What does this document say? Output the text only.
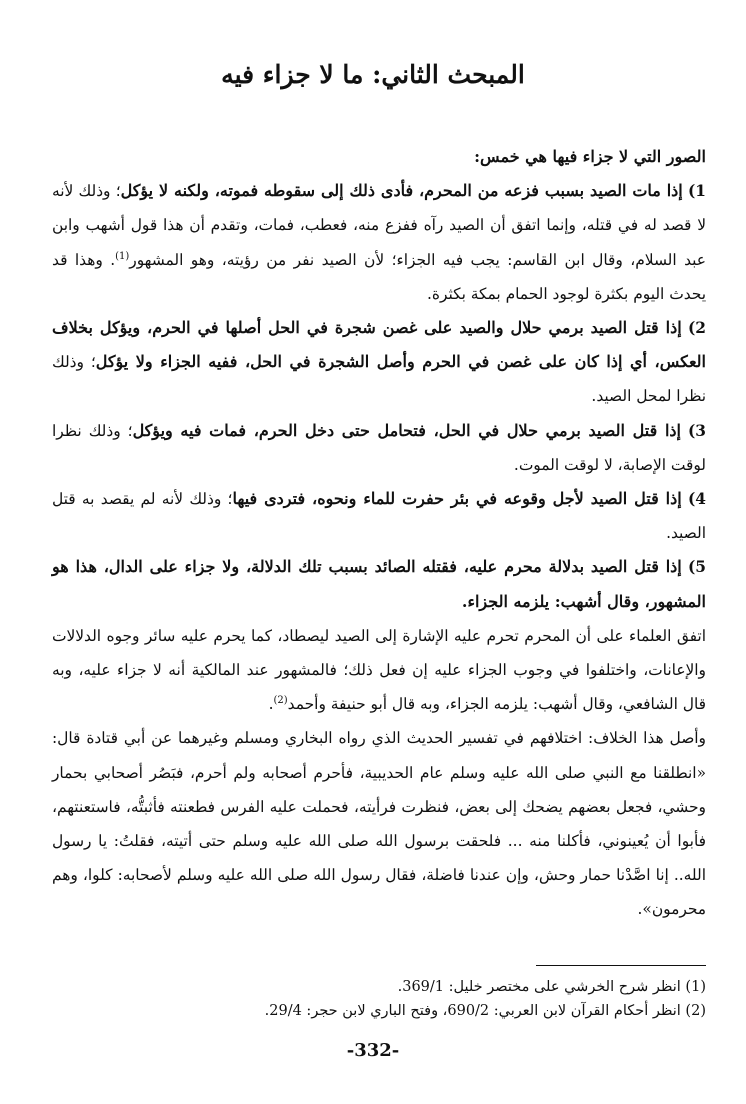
المبحث الثاني: ما لا جزاء فيه

الصور التي لا جزاء فيها هي خمس:

1) إذا مات الصيد بسبب فزعه من المحرم، فأدى ذلك إلى سقوطه فموته، ولكنه لا يؤكل؛ وذلك لأنه لا قصد له في قتله، وإنما اتفق أن الصيد رآه ففزع منه، فعطب، فمات، وتقدم أن هذا قول أشهب وابن عبد السلام، وقال ابن القاسم: يجب فيه الجزاء؛ لأن الصيد نفر من رؤيته، وهو المشهور$^{(1)}$. وهذا قد يحدث اليوم بكثرة لوجود الحمام بمكة بكثرة.

2) إذا قتل الصيد برمي حلال والصيد على غصن شجرة في الحل أصلها في الحرم، ويؤكل بخلاف العكس، أي إذا كان على غصن في الحرم وأصل الشجرة في الحل، ففيه الجزاء ولا يؤكل؛ وذلك نظرا لمحل الصيد.

3) إذا قتل الصيد برمي حلال في الحل، فتحامل حتى دخل الحرم، فمات فيه ويؤكل؛ وذلك نظرا لوقت الإصابة، لا لوقت الموت.

4) إذا قتل الصيد لأجل وقوعه في بئر حفرت للماء ونحوه، فتردى فيها؛ وذلك لأنه لم يقصد به قتل الصيد.

5) إذا قتل الصيد بدلالة محرم عليه، فقتله الصائد بسبب تلك الدلالة، ولا جزاء على الدال، هذا هو المشهور، وقال أشهب: يلزمه الجزاء.

اتفق العلماء على أن المحرم تحرم عليه الإشارة إلى الصيد ليصطاد، كما يحرم عليه سائر وجوه الدلالات والإعانات، واختلفوا في وجوب الجزاء عليه إن فعل ذلك؛ فالمشهور عند المالكية أنه لا جزاء عليه، وبه قال الشافعي، وقال أشهب: يلزمه الجزاء، وبه قال أبو حنيفة وأحمد$^{(2)}$.

وأصل هذا الخلاف: اختلافهم في تفسير الحديث الذي رواه البخاري ومسلم وغيرهما عن أبي قتادة قال: «انطلقنا مع النبي صلى الله عليه وسلم عام الحديبية، فأحرم أصحابه ولم أحرم، فبَصُر أصحابي بحمار وحشي، فجعل بعضهم يضحك إلى بعض، فنظرت فرأيته، فحملت عليه الفرس فطعنته فأثبتُّه، فاستعنتهم، فأبوا أن يُعينوني، فأكلنا منه ... فلحقت برسول الله صلى الله عليه وسلم حتى أتيته، فقلتُ: يا رسول الله.. إنا اصَّدْنا حمار وحش، وإن عندنا فاضلة، فقال رسول الله صلى الله عليه وسلم لأصحابه: كلوا، وهم محرمون».

(1) انظر شرح الخرشي على مختصر خليل: 369/1.
(2) انظر أحكام القرآن لابن العربي: 690/2، وفتح الباري لابن حجر: 29/4.
-332-
